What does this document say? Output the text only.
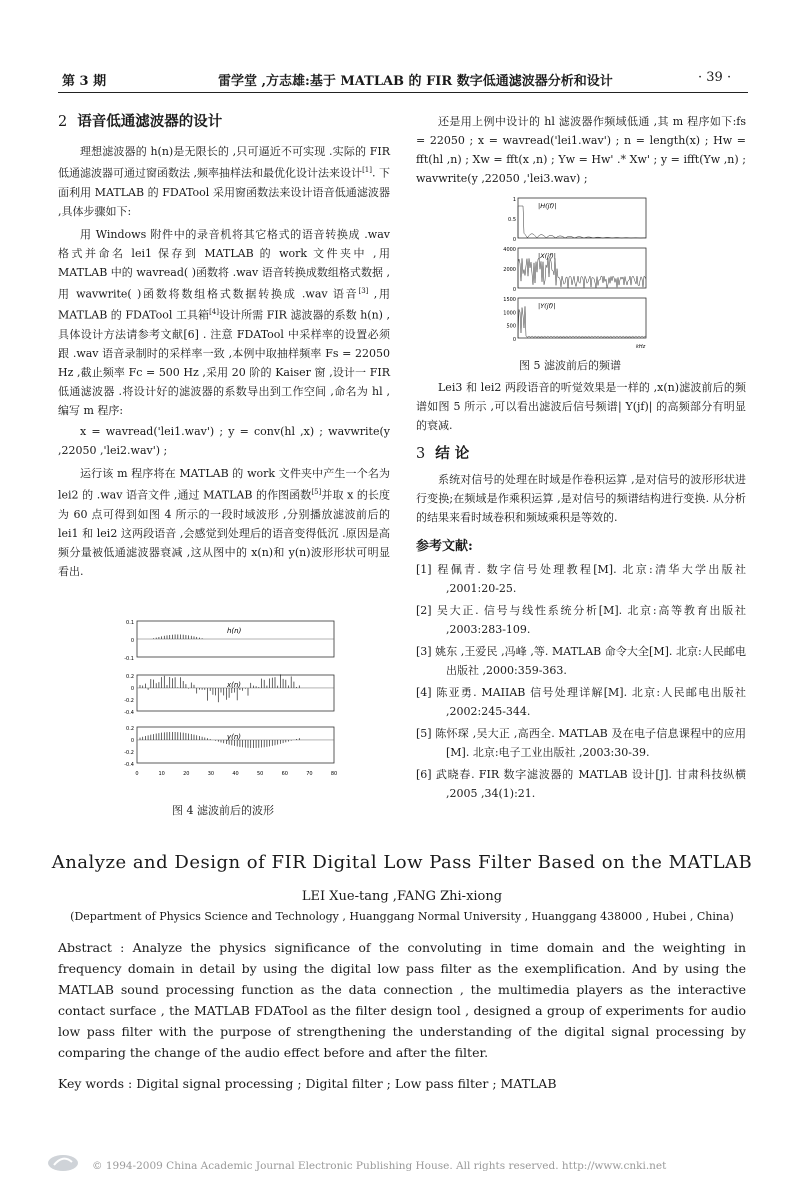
第 3 期	雷学堂 ,方志雄:基于 MATLAB 的 FIR 数字低通滤波器分析和设计	· 39 ·
2 语音低通滤波器的设计

理想滤波器的 h(n)是无限长的 ,只可逼近不可实现 .实际的 FIR 低通滤波器可通过窗函数法 ,频率抽样法和最优化设计法来设计[1]. 下面利用 MATLAB 的 FDATool 采用窗函数法来设计语音低通滤波器 ,具体步骤如下:

用 Windows 附件中的录音机将其它格式的语音转换成 .wav 格式并命名 lei1 保存到 MATLAB 的 work 文件夹中 ,用 MATLAB 中的 wavread( )函数将 .wav 语音转换成数组格式数据 ,用 wavwrite( )函数将数组格式数据转换成 .wav 语音[3] ,用 MATLAB 的 FDATool 工具箱[4]设计所需 FIR 滤波器的系数 h(n) ,具体设计方法请参考文献[6] . 注意 FDATool 中采样率的设置必须跟 .wav 语音录制时的采样率一致 ,本例中取抽样频率 Fs = 22050 Hz ,截止频率 Fc = 500 Hz ,采用 20 阶的 Kaiser 窗 ,设计一 FIR 低通滤波器 .将设计好的滤波器的系数导出到工作空间 ,命名为 hl ,编写 m 程序:

x = wavread('lei1.wav') ; y = conv(hl ,x) ; wavwrite(y ,22050 ,'lei2.wav') ;

运行该 m 程序将在 MATLAB 的 work 文件夹中产生一个名为 lei2 的 .wav 语音文件 ,通过 MATLAB 的作图函数[5]并取 x 的长度为 60 点可得到如图 4 所示的一段时域波形 ,分别播放滤波前后的 lei1 和 lei2 这两段语音 ,会感觉到处理后的语音变得低沉 .原因是高频分量被低通滤波器衰减 ,这从图中的 x(n)和 y(n)波形形状可明显看出.

0.1
0
-0.1
h(n)
0.2
0
-0.2
-0.4
x(n)
0.2
0
-0.2
-0.4
y(n)
0	10	20	30	40	50	60	70	80
图 4 滤波前后的波形

还是用上例中设计的 hl 滤波器作频域低通 ,其 m 程序如下:fs = 22050 ; x = wavread('lei1.wav') ; n = length(x) ; Hw = fft(hl ,n) ; Xw = fft(x ,n) ; Yw = Hw' .* Xw' ; y = ifft(Yw ,n) ; wavwrite(y ,22050 ,'lei3.wav) ;

1
0.5
0
|H(jf)|
4000
2000
0
|X(jf)|
1500
1000
500
0
|Y(jf)|
kHz
图 5 滤波前后的频谱

Lei3 和 lei2 两段语音的听觉效果是一样的 ,x(n)滤波前后的频谱如图 5 所示 ,可以看出滤波后信号频谱| Y(jf)| 的高频部分有明显的衰减.

3 结 论

系统对信号的处理在时域是作卷积运算 ,是对信号的波形形状进行变换;在频域是作乘积运算 ,是对信号的频谱结构进行变换. 从分析的结果来看时域卷积和频域乘积是等效的.

参考文献:

[1] 程佩青. 数字信号处理教程[M]. 北京:清华大学出版社 ,2001:20-25.

[2] 吴大正. 信号与线性系统分析[M]. 北京:高等教育出版社 ,2003:283-109.

[3] 姚东 ,王爱民 ,冯峰 ,等. MATLAB 命令大全[M]. 北京:人民邮电出版社 ,2000:359-363.

[4] 陈亚勇. MAIIAB 信号处理详解[M]. 北京:人民邮电出版社 ,2002:245-344.

[5] 陈怀琛 ,吴大正 ,高西全. MATLAB 及在电子信息课程中的应用[M]. 北京:电子工业出版社 ,2003:30-39.

[6] 武晓春. FIR 数字滤波器的 MATLAB 设计[J]. 甘肃科技纵横 ,2005 ,34(1):21.

Analyze and Design of FIR Digital Low Pass Filter Based on the MATLAB
LEI Xue-tang ,FANG Zhi-xiong
(Department of Physics Science and Technology , Huanggang Normal University , Huanggang 438000 , Hubei , China)
Abstract : Analyze the physics significance of the convoluting in time domain and the weighting in frequency domain in detail by using the digital low pass filter as the exemplification. And by using the MATLAB sound processing function as the data connection , the multimedia players as the interactive contact surface , the MATLAB FDATool as the filter design tool , designed a group of experiments for audio low pass filter with the purpose of strengthening the understanding of the digital signal processing by comparing the change of the audio effect before and after the filter.
Key words : Digital signal processing ; Digital filter ; Low pass filter ; MATLAB
© 1994-2009 China Academic Journal Electronic Publishing House. All rights reserved. http://www.cnki.net
